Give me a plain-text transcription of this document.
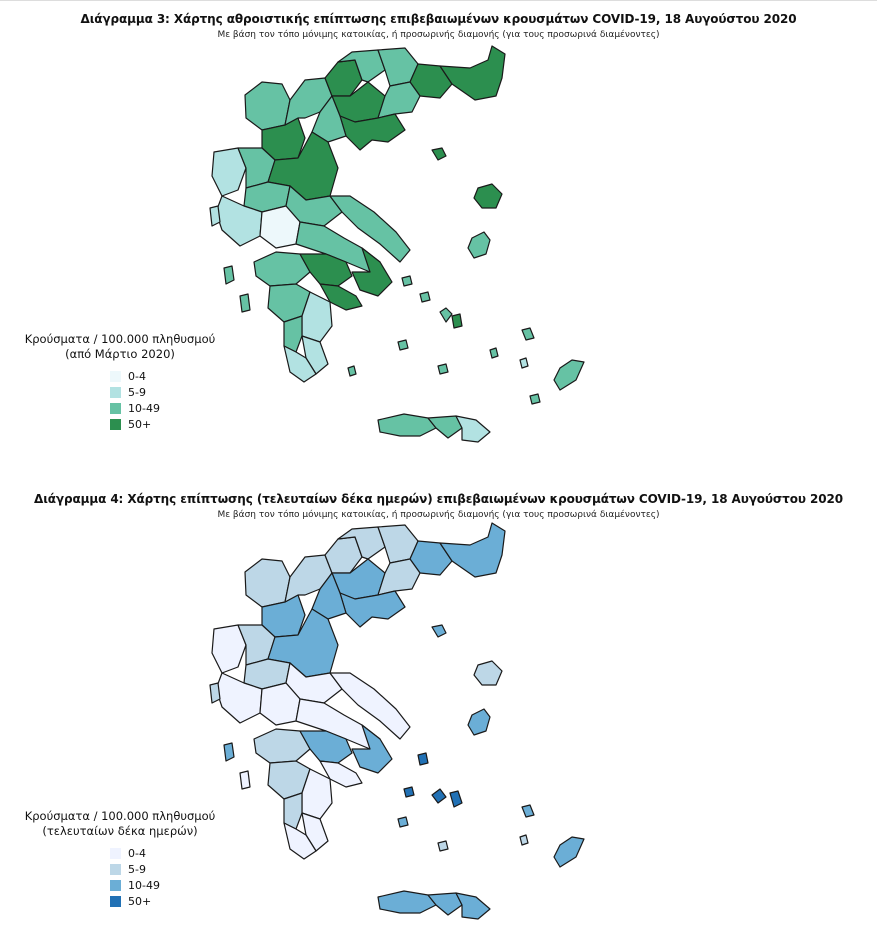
Διάγραμμα 3: Χάρτης αθροιστικής επίπτωσης επιβεβαιωμένων κρουσμάτων COVID-19, 18 Αυγούστου 2020
Με βάση τον τόπο μόνιμης κατοικίας, ή προσωρινής διαμονής (για τους προσωρινά διαμένοντες)
Κρούσματα / 100.000 πληθυσμού
(από Μάρτιο 2020)
0-4
5-9
10-49
50+
Διάγραμμα 4: Χάρτης επίπτωσης (τελευταίων δέκα ημερών) επιβεβαιωμένων κρουσμάτων COVID-19, 18 Αυγούστου 2020
Με βάση τον τόπο μόνιμης κατοικίας, ή προσωρινής διαμονής (για τους προσωρινά διαμένοντες)
Κρούσματα / 100.000 πληθυσμού
(τελευταίων δέκα ημερών)
0-4
5-9
10-49
50+
